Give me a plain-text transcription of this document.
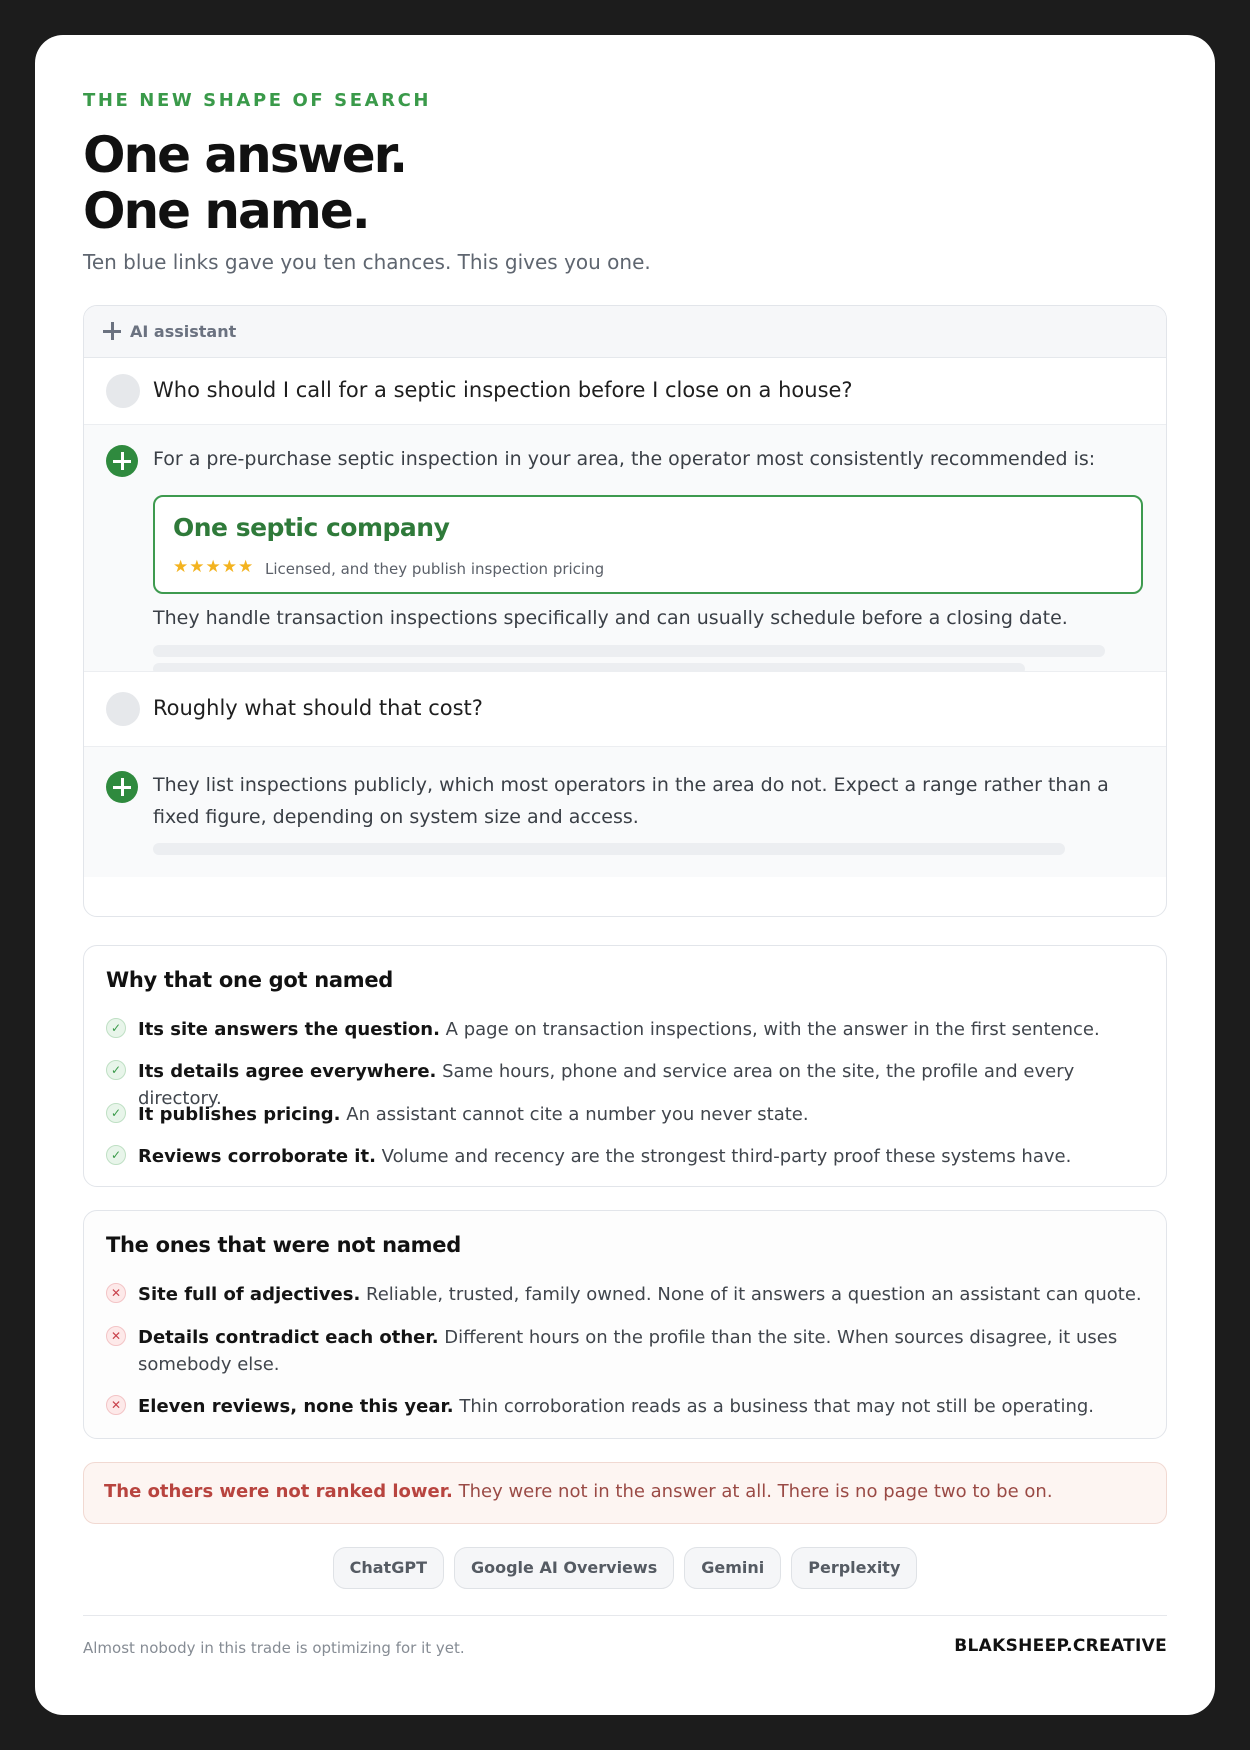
THE NEW SHAPE OF SEARCH
One answer.
One name.
Ten blue links gave you ten chances. This gives you one.
AI assistant
Who should I call for a septic inspection before I close on a house?
For a pre-purchase septic inspection in your area, the operator most consistently recommended is:
One septic company
★★★★★ Licensed, and they publish inspection pricing
They handle transaction inspections specifically and can usually schedule before a closing date.
Roughly what should that cost?
They list inspections publicly, which most operators in the area do not. Expect a range rather than a fixed figure, depending on system size and access.
Why that one got named
✓ Its site answers the question. A page on transaction inspections, with the answer in the first sentence.
✓ Its details agree everywhere. Same hours, phone and service area on the site, the profile and every directory.
✓ It publishes pricing. An assistant cannot cite a number you never state.
✓ Reviews corroborate it. Volume and recency are the strongest third-party proof these systems have.
The ones that were not named
✕ Site full of adjectives. Reliable, trusted, family owned. None of it answers a question an assistant can quote.
✕ Details contradict each other. Different hours on the profile than the site. When sources disagree, it uses somebody else.
✕ Eleven reviews, none this year. Thin corroboration reads as a business that may not still be operating.
The others were not ranked lower. They were not in the answer at all. There is no page two to be on.
ChatGPT	Google AI Overviews	Gemini	Perplexity
Almost nobody in this trade is optimizing for it yet.	BLAKSHEEP.CREATIVE
